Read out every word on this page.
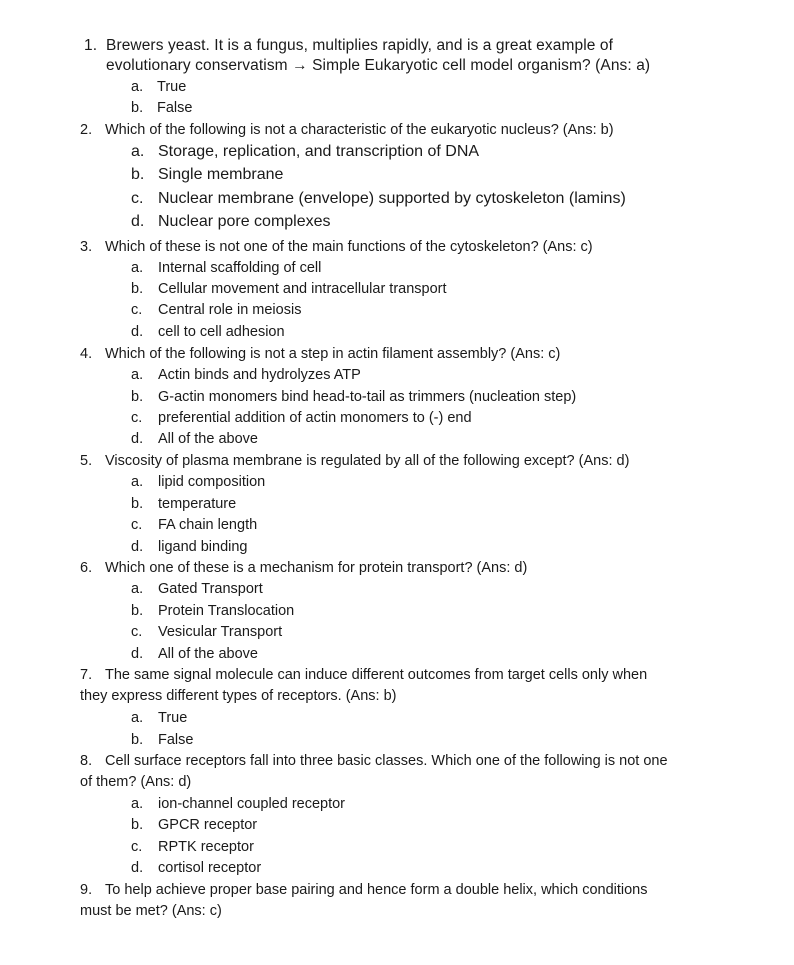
1. Brewers yeast. It is a fungus, multiplies rapidly, and is a great example of
evolutionary conservatism → Simple Eukaryotic cell model organism? (Ans: a)
a. True
b. False
2. Which of the following is not a characteristic of the eukaryotic nucleus? (Ans: b)
a. Storage, replication, and transcription of DNA
b. Single membrane
c. Nuclear membrane (envelope) supported by cytoskeleton (lamins)
d. Nuclear pore complexes
3. Which of these is not one of the main functions of the cytoskeleton? (Ans: c)
a. Internal scaffolding of cell
b. Cellular movement and intracellular transport
c. Central role in meiosis
d. cell to cell adhesion
4. Which of the following is not a step in actin filament assembly? (Ans: c)
a. Actin binds and hydrolyzes ATP
b. G-actin monomers bind head-to-tail as trimmers (nucleation step)
c. preferential addition of actin monomers to (-) end
d. All of the above
5. Viscosity of plasma membrane is regulated by all of the following except? (Ans: d)
a. lipid composition
b. temperature
c. FA chain length
d. ligand binding
6. Which one of these is a mechanism for protein transport? (Ans: d)
a. Gated Transport
b. Protein Translocation
c. Vesicular Transport
d. All of the above
7. The same signal molecule can induce different outcomes from target cells only when
they express different types of receptors. (Ans: b)
a. True
b. False
8. Cell surface receptors fall into three basic classes. Which one of the following is not one
of them? (Ans: d)
a. ion-channel coupled receptor
b. GPCR receptor
c. RPTK receptor
d. cortisol receptor
9. To help achieve proper base pairing and hence form a double helix, which conditions
must be met? (Ans: c)
